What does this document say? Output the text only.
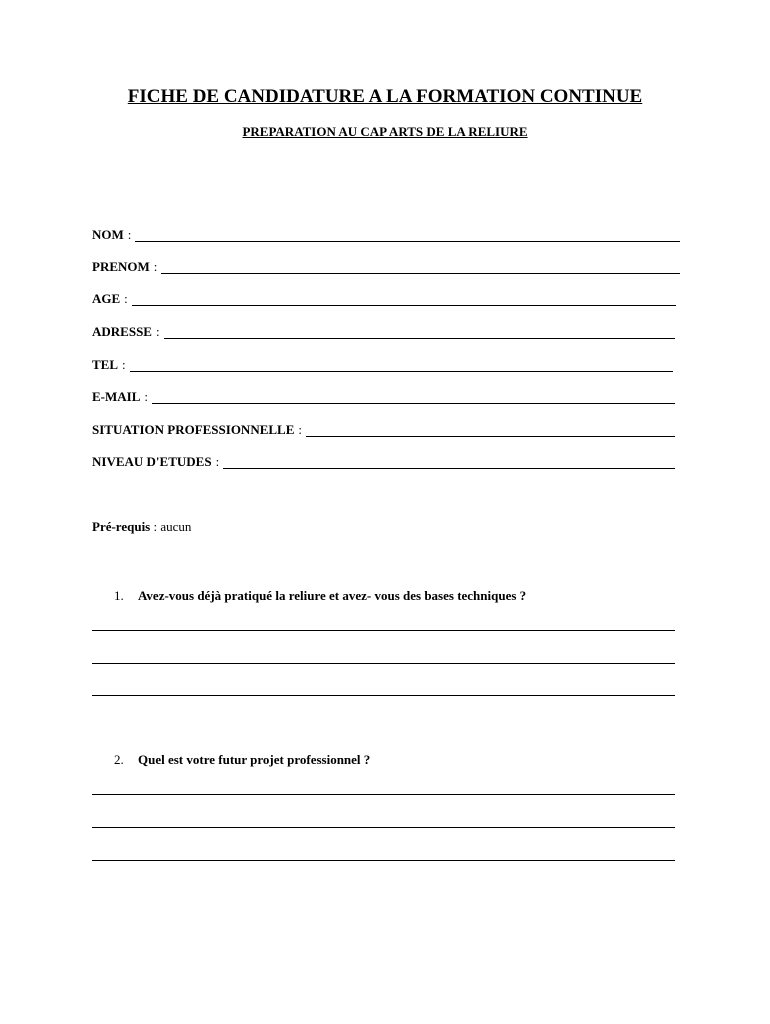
FICHE DE CANDIDATURE A LA FORMATION CONTINUE
PREPARATION AU CAP ARTS DE LA RELIURE
NOM :
PRENOM :
AGE :
ADRESSE :
TEL :
E-MAIL :
SITUATION PROFESSIONNELLE :
NIVEAU D'ETUDES :
Pré-requis : aucun
1. Avez-vous déjà pratiqué la reliure et avez- vous des bases techniques ?
2. Quel est votre futur projet professionnel ?
